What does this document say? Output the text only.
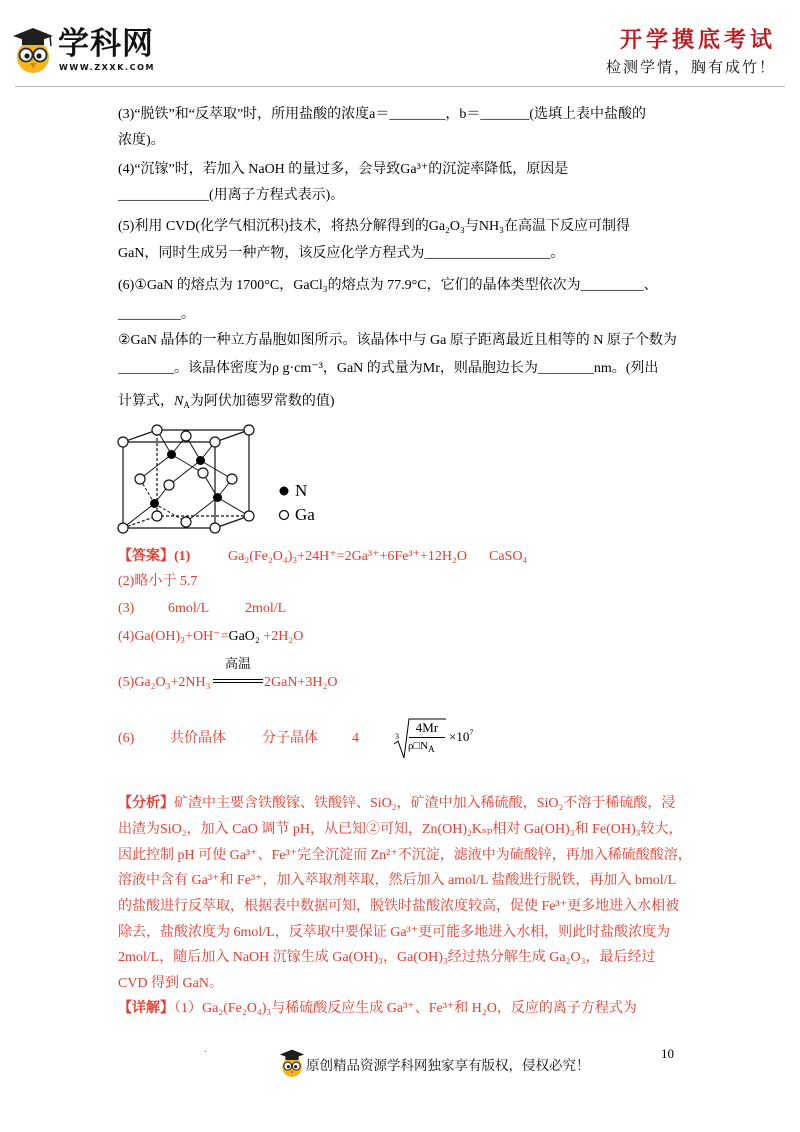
学科网
WWW.ZXXK.COM
开学摸底考试
检测学情，胸有成竹！
(3)“脱铁”和“反萃取”时，所用盐酸的浓度a＝________，b＝_______(选填上表中盐酸的
浓度)。
(4)“沉镓”时，若加入 NaOH 的量过多，会导致Ga³⁺的沉淀率降低，原因是
_____________(用离子方程式表示)。
(5)利用 CVD(化学气相沉积)技术，将热分解得到的Ga₂O₃与NH₃在高温下反应可制得
GaN，同时生成另一种产物，该反应化学方程式为__________________。
(6)①GaN 的熔点为 1700°C，GaCl₃的熔点为 77.9°C，它们的晶体类型依次为_________、
_________。
②GaN 晶体的一种立方晶胞如图所示。该晶体中与 Ga 原子距离最近且相等的 N 原子个数为
________。该晶体密度为ρ g·cm⁻³，GaN 的式量为Mr，则晶胞边长为________nm。(列出
计算式，$N_A$为阿伏加德罗常数的值)
N
Ga
【答案】(1)	Ga₂(Fe₂O₄)₃+24H⁺=2Ga³⁺+6Fe³⁺+12H₂O CaSO₄
(2)略小于 5.7
(3) 6mol/L	2mol/L
(4)Ga(OH)₃+OH⁻=GaO₂ +2H₂O
(5)Ga₂O₃+2NH₃
高温
2GaN+3H₂O
(6)	共价晶体	分子晶体 4	3
4Mr
$\rho□N_A$
$\times 10^7$
【分析】矿渣中主要含铁酸镓、铁酸锌、SiO₂，矿渣中加入稀硫酸，SiO₂不溶于稀硫酸，浸
出渣为SiO₂，加入 CaO 调节 pH，从已知②可知，Zn(OH)₂Kₛₚ相对 Ga(OH)₃和 Fe(OH)₃较大，
因此控制 pH 可使 Ga³⁺、Fe³⁺完全沉淀而 Zn²⁺不沉淀，滤液中为硫酸锌，再加入稀硫酸酸溶，
溶液中含有 Ga³⁺和 Fe³⁺，加入萃取剂萃取，然后加入 amol/L 盐酸进行脱铁，再加入 bmol/L
的盐酸进行反萃取，根据表中数据可知，脱铁时盐酸浓度较高，促使 Fe³⁺更多地进入水相被
除去，盐酸浓度为 6mol/L，反萃取中要保证 Ga³⁺更可能多地进入水相，则此时盐酸浓度为
2mol/L，随后加入 NaOH 沉镓生成 Ga(OH)₃，Ga(OH)₃经过热分解生成 Ga₂O₃，最后经过
CVD 得到 GaN。
【详解】（1）Ga₂(Fe₂O₄)₃与稀硫酸反应生成 Ga³⁺、Fe³⁺和 H₂O，反应的离子方程式为
.
原创精品资源学科网独家享有版权，侵权必究！
10
